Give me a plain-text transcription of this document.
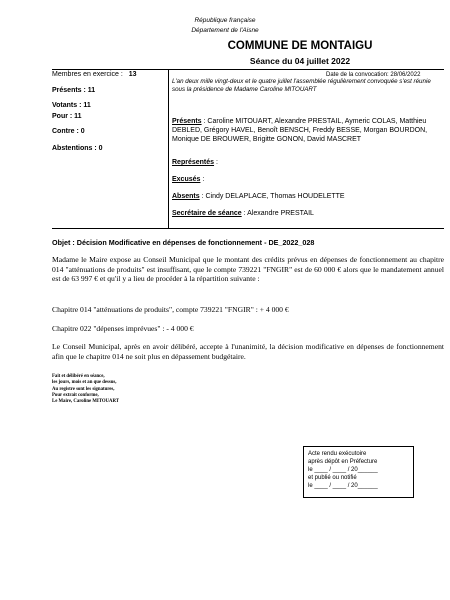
République française
Département de l'Aisne
COMMUNE DE MONTAIGU
Séance du 04 juillet 2022
Membres en exercice : 13
Présents : 11
Votants : 11
Pour : 11
Contre : 0
Abstentions : 0
Date de la convocation: 28/06/2022
L'an deux mille vingt-deux et le quatre juillet l'assemblée régulièrement convoquée s'est réunie sous la présidence de Madame Caroline MITOUART
Présents : Caroline MITOUART, Alexandre PRESTAIL, Aymeric COLAS, Matthieu DEBLED, Grégory HAVEL, Benoît BENSCH, Freddy BESSE, Morgan BOURDON, Monique DE BROUWER, Brigitte GONON, David MASCRET
Représentés :
Excusés :
Absents : Cindy DELAPLACE, Thomas HOUDELETTE
Secrétaire de séance : Alexandre PRESTAIL
Objet : Décision Modificative en dépenses de fonctionnement - DE_2022_028
Madame le Maire expose au Conseil Municipal que le montant des crédits prévus en dépenses de fonctionnement au chapitre 014 "atténuations de produits" est insuffisant, que le compte 739221 "FNGIR" est de 60 000 € alors que le mandatement annuel est de 63 997 € et qu'il y a lieu de procéder à la répartition suivante :
Chapitre 014 "atténuations de produits", compte 739221 "FNGIR" : + 4 000 €
Chapitre 022 "dépenses imprévues" : - 4 000 €
Le Conseil Municipal, après en avoir délibéré, accepte à l'unanimité, la décision modificative en dépenses de fonctionnement afin que le chapitre 014 ne soit plus en dépassement budgétaire.
Fait et délibéré en séance,
les jours, mois et an que dessus,
Au registre sont les signatures,
Pour extrait conforme,
Le Maire, Caroline MITOUART
Acte rendu exécutoire
après dépôt en Préfecture
le ____ / ____ / 20______
et publié ou notifié
le ____ / ____ / 20______
